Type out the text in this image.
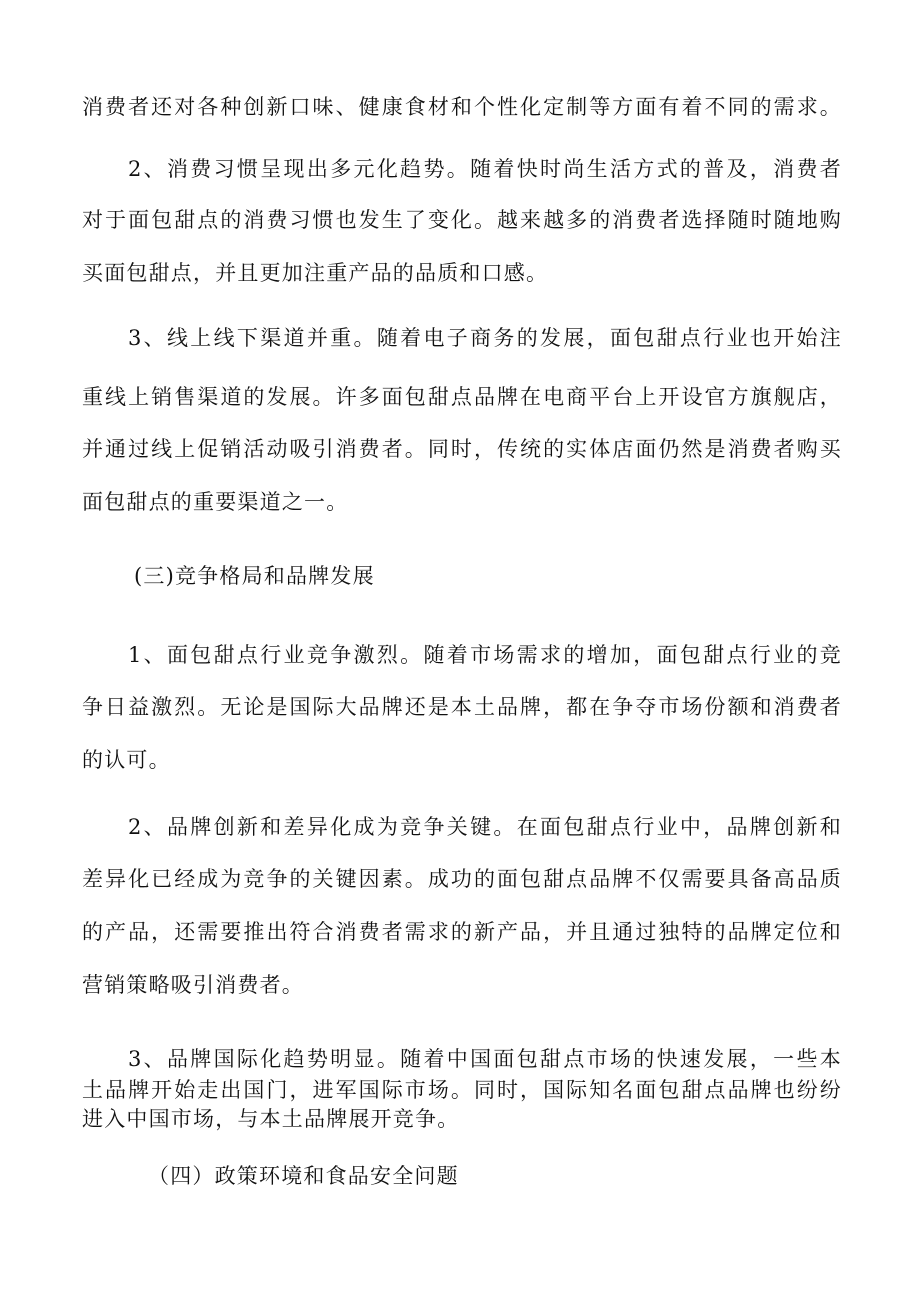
消费者还对各种创新口味、健康食材和个性化定制等方面有着不同的需求。
2、消费习惯呈现出多元化趋势。随着快时尚生活方式的普及，消费者
对于面包甜点的消费习惯也发生了变化。越来越多的消费者选择随时随地购
买面包甜点，并且更加注重产品的品质和口感。
3、线上线下渠道并重。随着电子商务的发展，面包甜点行业也开始注
重线上销售渠道的发展。许多面包甜点品牌在电商平台上开设官方旗舰店，
并通过线上促销活动吸引消费者。同时，传统的实体店面仍然是消费者购买
面包甜点的重要渠道之一。
(三)竞争格局和品牌发展
1、面包甜点行业竞争激烈。随着市场需求的增加，面包甜点行业的竞
争日益激烈。无论是国际大品牌还是本土品牌，都在争夺市场份额和消费者
的认可。
2、品牌创新和差异化成为竞争关键。在面包甜点行业中，品牌创新和
差异化已经成为竞争的关键因素。成功的面包甜点品牌不仅需要具备高品质
的产品，还需要推出符合消费者需求的新产品，并且通过独特的品牌定位和
营销策略吸引消费者。
3、品牌国际化趋势明显。随着中国面包甜点市场的快速发展，一些本
土品牌开始走出国门，进军国际市场。同时，国际知名面包甜点品牌也纷纷
进入中国市场，与本土品牌展开竞争。
（四）政策环境和食品安全问题
